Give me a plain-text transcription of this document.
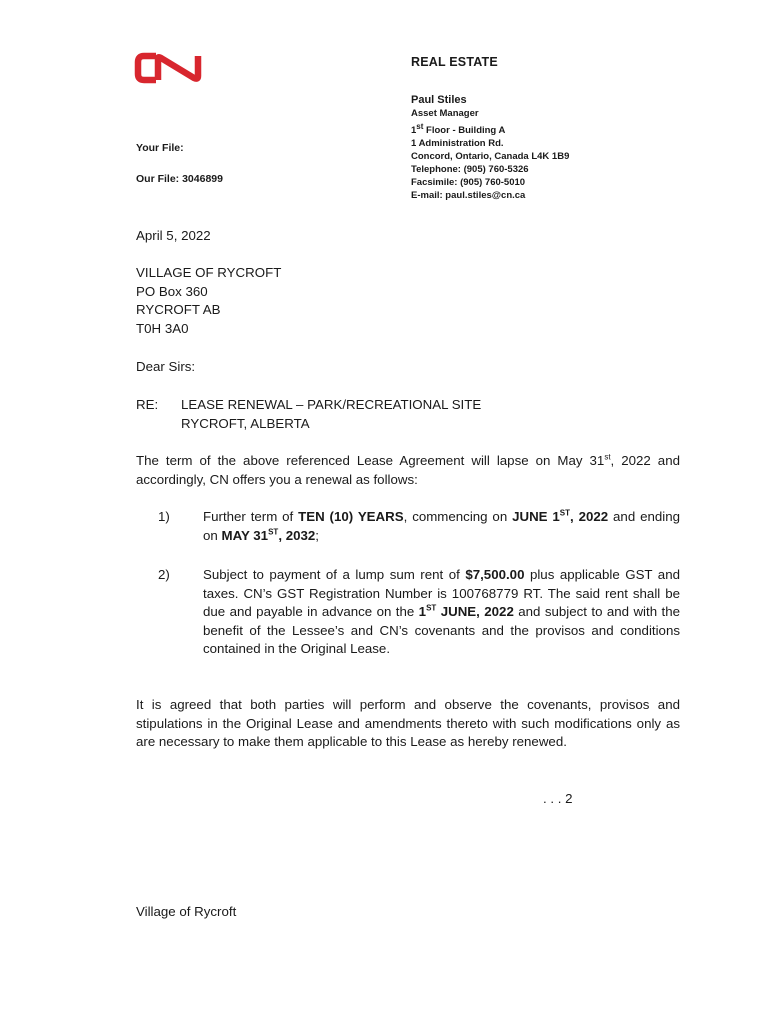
REAL ESTATE
Paul Stiles
Asset Manager
1st Floor - Building A
1 Administration Rd.
Concord, Ontario, Canada L4K 1B9
Telephone: (905) 760-5326
Facsimile: (905) 760-5010
E-mail: paul.stiles@cn.ca
Your File:
Our File: 3046899
April 5, 2022
VILLAGE OF RYCROFT
PO Box 360
RYCROFT AB
T0H 3A0
Dear Sirs:
RE: LEASE RENEWAL – PARK/RECREATIONAL SITE
RYCROFT, ALBERTA
The term of the above referenced Lease Agreement will lapse on May 31st, 2022 and accordingly, CN offers you a renewal as follows:
1) Further term of TEN (10) YEARS, commencing on JUNE 1ST, 2022 and ending on MAY 31ST, 2032;
2) Subject to payment of a lump sum rent of $7,500.00 plus applicable GST and taxes. CN’s GST Registration Number is 100768779 RT. The said rent shall be due and payable in advance on the 1ST JUNE, 2022 and subject to and with the benefit of the Lessee’s and CN’s covenants and the provisos and conditions contained in the Original Lease.
It is agreed that both parties will perform and observe the covenants, provisos and stipulations in the Original Lease and amendments thereto with such modifications only as are necessary to make them applicable to this Lease as hereby renewed.
. . . 2
Village of Rycroft
